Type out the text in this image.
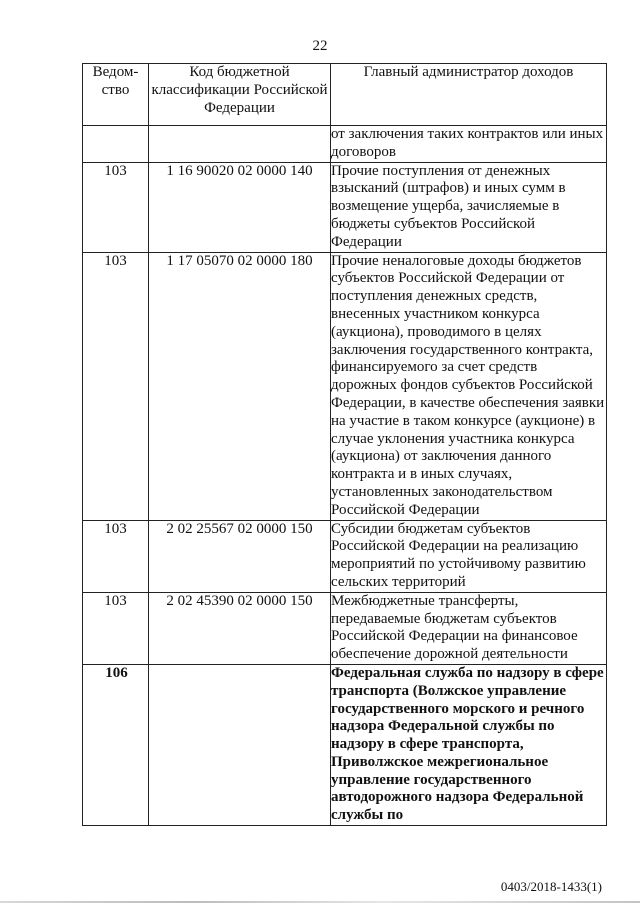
22
Ведом-ство	Код бюджетной классификации Российской Федерации	Главный администратор доходов
		от заключения таких контрактов или иных договоров
103	1 16 90020 02 0000 140	Прочие поступления от денежных взысканий (штрафов) и иных сумм в возмещение ущерба, зачисляемые в бюджеты субъектов Российской Федерации
103	1 17 05070 02 0000 180	Прочие неналоговые доходы бюджетов субъектов Российской Федерации от поступления денежных средств, внесенных участником конкурса (аукциона), проводимого в целях заключения государственного контракта, финансируемого за счет средств дорожных фондов субъектов Российской Федерации, в качестве обеспечения заявки на участие в таком конкурсе (аукционе) в случае уклонения участника конкурса (аукциона) от заключения данного контракта и в иных случаях, установленных законодательством Российской Федерации
103	2 02 25567 02 0000 150	Субсидии бюджетам субъектов Российской Федерации на реализацию мероприятий по устойчивому развитию сельских территорий
103	2 02 45390 02 0000 150	Межбюджетные трансферты, передаваемые бюджетам субъектов Российской Федерации на финансовое обеспечение дорожной деятельности
106		Федеральная служба по надзору в сфере транспорта (Волжское управление государственного морского и речного надзора Федеральной службы по надзору в сфере транспорта, Приволжское межрегиональное управление государственного автодорожного надзора Федеральной службы по
0403/2018-1433(1)
